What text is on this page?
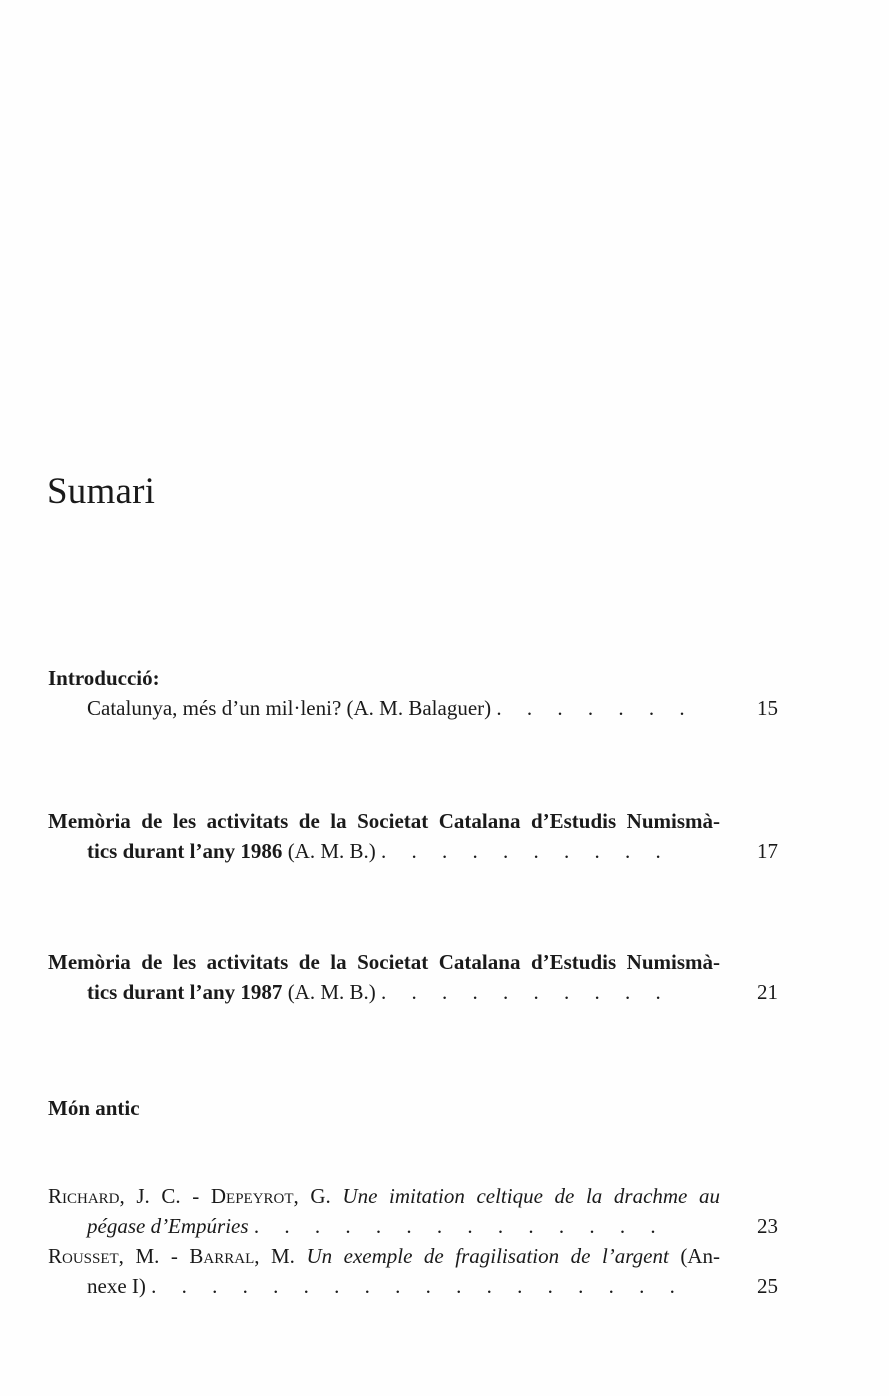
Sumari

Introducció:

Catalunya, més d’un mil·leni? (A. M. Balaguer) . . . . . . .	15
Memòria de les activitats de la Societat Catalana d’Estudis Numismà-
tics durant l’any 1986 (A. M. B.) . . . . . . . . . .	17
Memòria de les activitats de la Societat Catalana d’Estudis Numismà-
tics durant l’any 1987 (A. M. B.) . . . . . . . . . .	21

Món antic

Richard, J. C. - Depeyrot, G. Une imitation celtique de la drachme au
pégase d’Empúries . . . . . . . . . . . . . .	23
Rousset, M. - Barral, M. Un exemple de fragilisation de l’argent (An-
nexe I) . . . . . . . . . . . . . . . . . .	25
